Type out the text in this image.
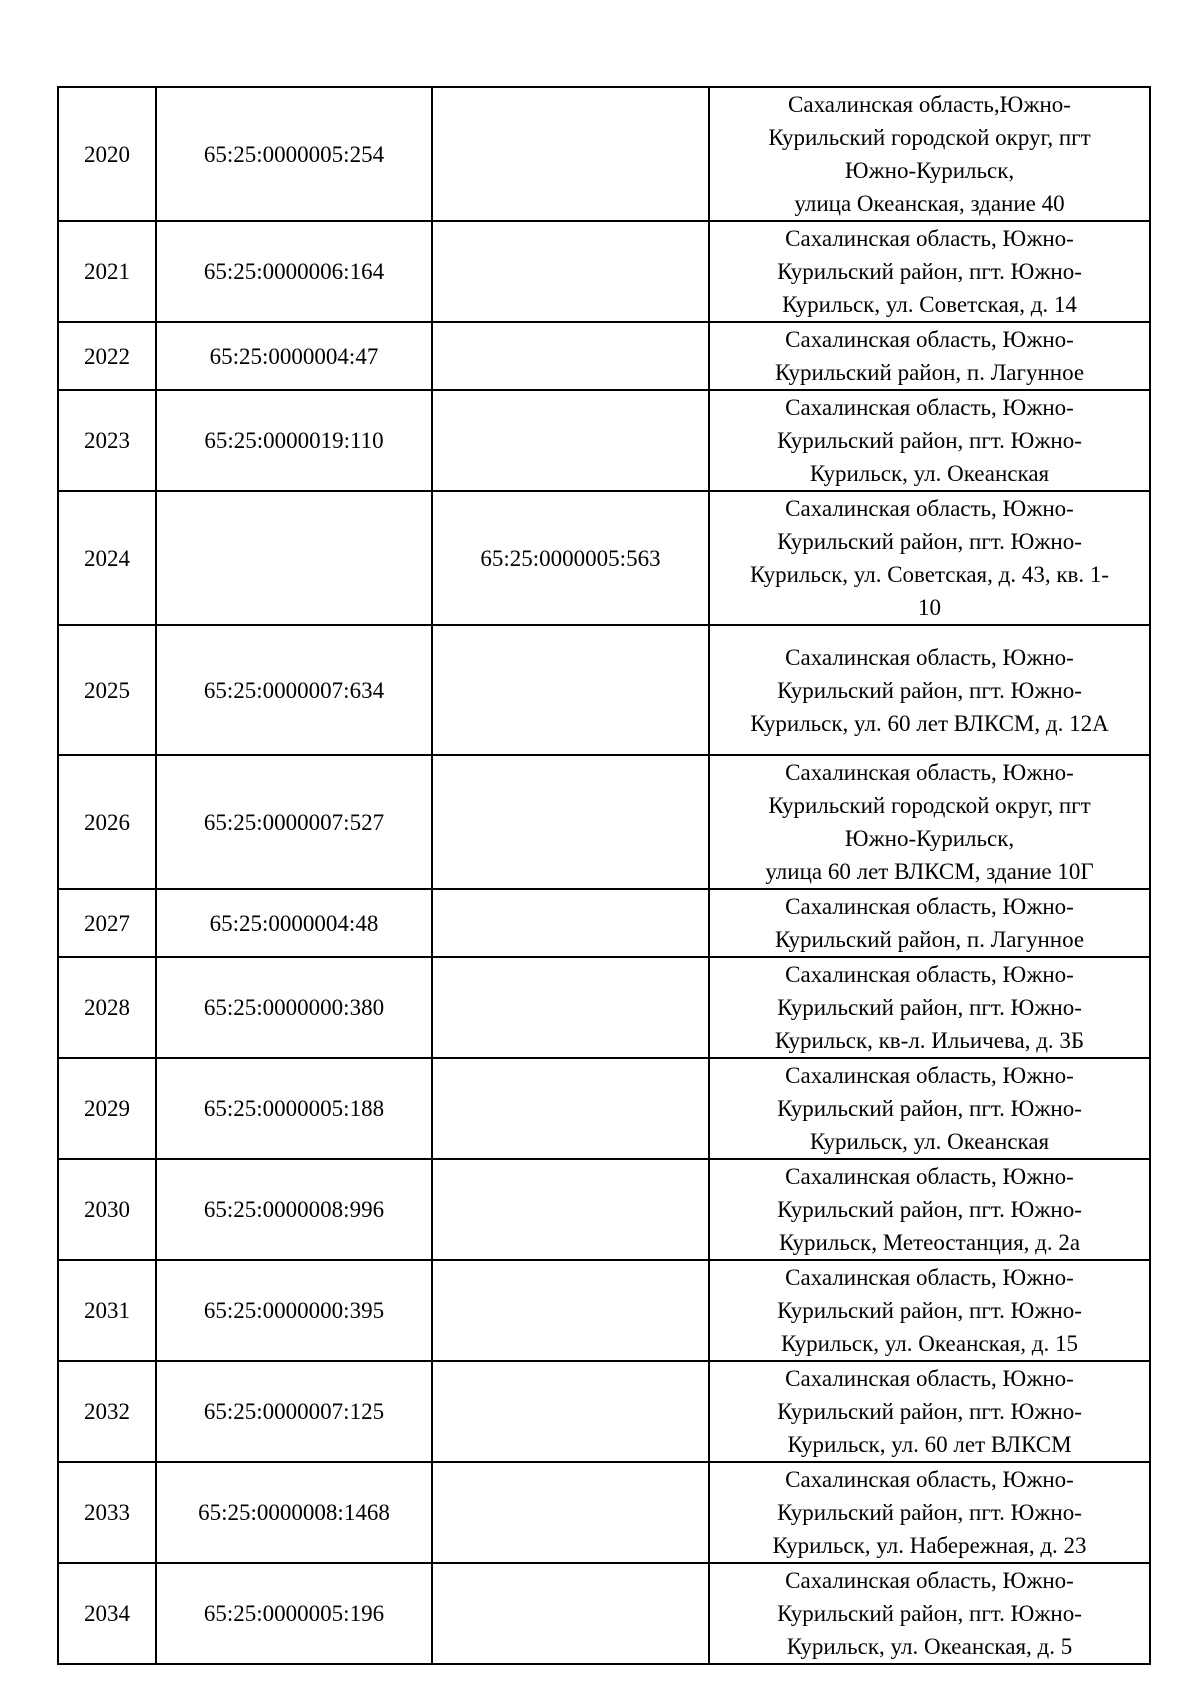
2020	65:25:0000005:254		Сахалинская область,Южно-
Курильский городской округ, пгт
Южно-Курильск,
улица Океанская, здание 40

2021	65:25:0000006:164		Сахалинская область, Южно-
Курильский район, пгт. Южно-
Курильск, ул. Советская, д. 14

2022	65:25:0000004:47		Сахалинская область, Южно-
Курильский район, п. Лагунное

2023	65:25:0000019:110		Сахалинская область, Южно-
Курильский район, пгт. Южно-
Курильск, ул. Океанская

2024		65:25:0000005:563	Сахалинская область, Южно-
Курильский район, пгт. Южно-
Курильск, ул. Советская, д. 43, кв. 1-
10

2025	65:25:0000007:634		Сахалинская область, Южно-
Курильский район, пгт. Южно-
Курильск, ул. 60 лет ВЛКСМ, д. 12А

2026	65:25:0000007:527		Сахалинская область, Южно-
Курильский городской округ, пгт
Южно-Курильск,
улица 60 лет ВЛКСМ, здание 10Г

2027	65:25:0000004:48		Сахалинская область, Южно-
Курильский район, п. Лагунное

2028	65:25:0000000:380		Сахалинская область, Южно-
Курильский район, пгт. Южно-
Курильск, кв-л. Ильичева, д. 3Б

2029	65:25:0000005:188		Сахалинская область, Южно-
Курильский район, пгт. Южно-
Курильск, ул. Океанская

2030	65:25:0000008:996		Сахалинская область, Южно-
Курильский район, пгт. Южно-
Курильск, Метеостанция, д. 2а

2031	65:25:0000000:395		Сахалинская область, Южно-
Курильский район, пгт. Южно-
Курильск, ул. Океанская, д. 15

2032	65:25:0000007:125		Сахалинская область, Южно-
Курильский район, пгт. Южно-
Курильск, ул. 60 лет ВЛКСМ

2033	65:25:0000008:1468		Сахалинская область, Южно-
Курильский район, пгт. Южно-
Курильск, ул. Набережная, д. 23

2034	65:25:0000005:196		Сахалинская область, Южно-
Курильский район, пгт. Южно-
Курильск, ул. Океанская, д. 5
